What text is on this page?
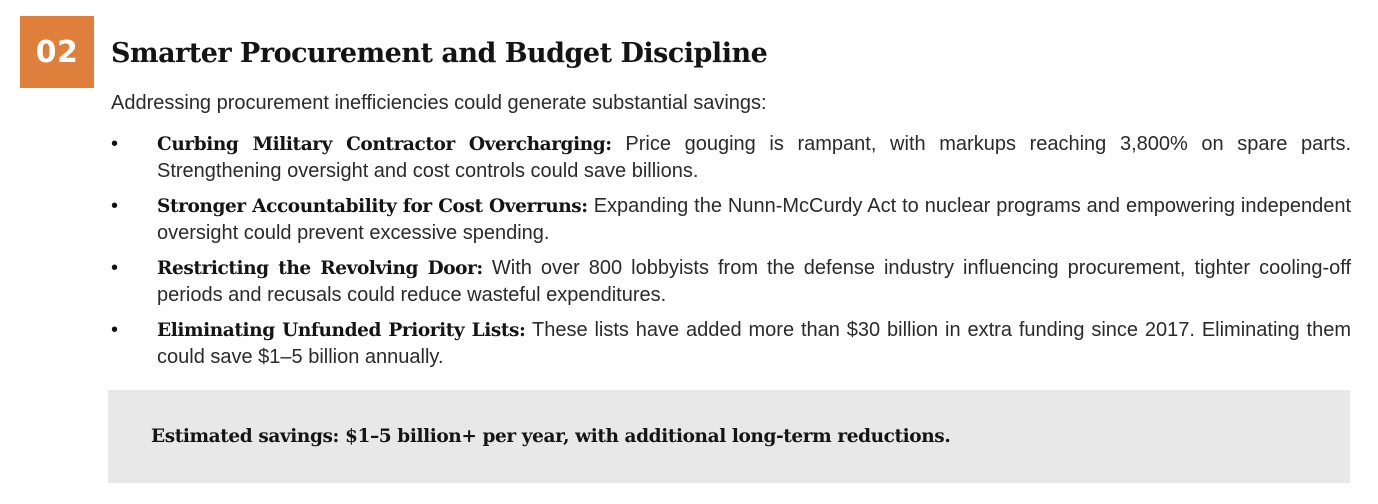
02	Smarter Procurement and Budget Discipline

Addressing procurement inefficiencies could generate substantial savings:

• Curbing Military Contractor Overcharging: Price gouging is rampant, with markups reaching 3,800% on spare parts. Strengthening oversight and cost controls could save billions.
• Stronger Accountability for Cost Overruns: Expanding the Nunn-McCurdy Act to nuclear programs and empowering independent oversight could prevent excessive spending.
• Restricting the Revolving Door: With over 800 lobbyists from the defense industry influencing procurement, tighter cooling-off periods and recusals could reduce wasteful expenditures.
• Eliminating Unfunded Priority Lists: These lists have added more than $30 billion in extra funding since 2017. Eliminating them could save $1–5 billion annually.
Estimated savings: $1–5 billion+ per year, with additional long-term reductions.
